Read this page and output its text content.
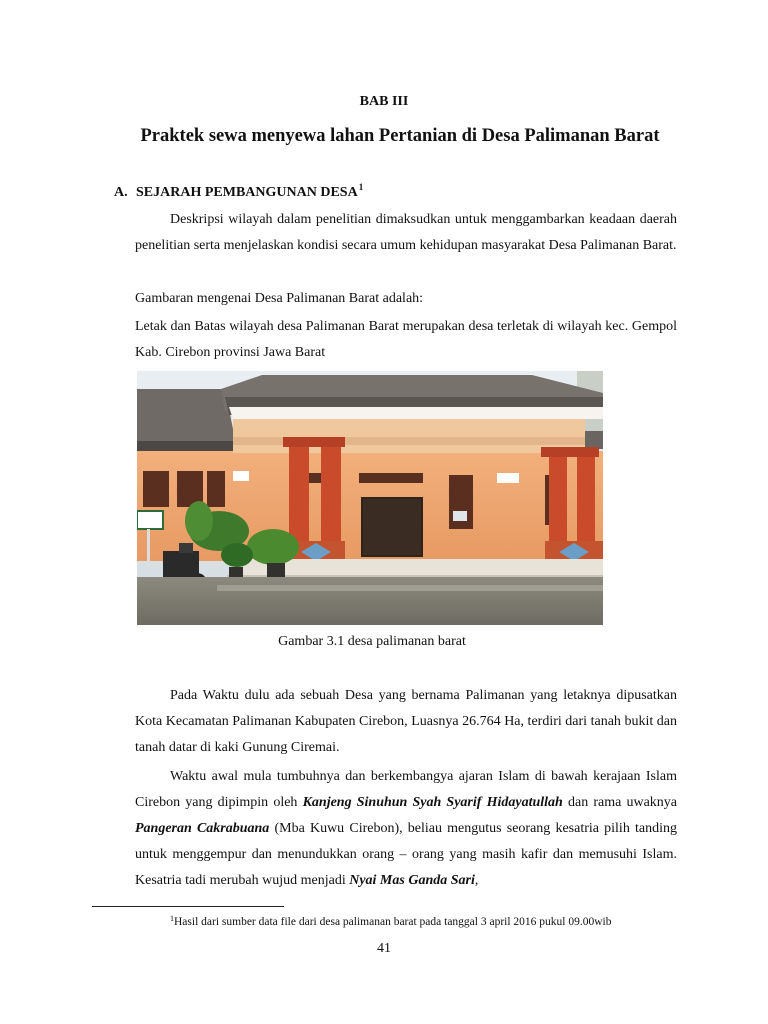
BAB III
Praktek sewa menyewa lahan Pertanian di Desa Palimanan Barat
A. SEJARAH PEMBANGUNAN DESA$^1$
Deskripsi wilayah dalam penelitian dimaksudkan untuk menggambarkan keadaan daerah penelitian serta menjelaskan kondisi secara umum kehidupan masyarakat Desa Palimanan Barat.
Gambaran mengenai Desa Palimanan Barat adalah:
Letak dan Batas wilayah desa Palimanan Barat merupakan desa terletak di wilayah kec. Gempol Kab. Cirebon provinsi Jawa Barat
Gambar 3.1 desa palimanan barat
Pada Waktu dulu ada sebuah Desa yang bernama Palimanan yang letaknya dipusatkan Kota Kecamatan Palimanan Kabupaten Cirebon, Luasnya 26.764 Ha, terdiri dari tanah bukit dan tanah datar di kaki Gunung Ciremai.
Waktu awal mula tumbuhnya dan berkembangya ajaran Islam di bawah kerajaan Islam Cirebon yang dipimpin oleh Kanjeng Sinuhun Syah Syarif Hidayatullah dan rama uwaknya Pangeran Cakrabuana (Mba Kuwu Cirebon), beliau mengutus seorang kesatria pilih tanding untuk menggempur dan menundukkan orang – orang yang masih kafir dan memusuhi Islam. Kesatria tadi merubah wujud menjadi Nyai Mas Ganda Sari,
$^1$Hasil dari sumber data file dari desa palimanan barat pada tanggal 3 april 2016 pukul 09.00wib
41
